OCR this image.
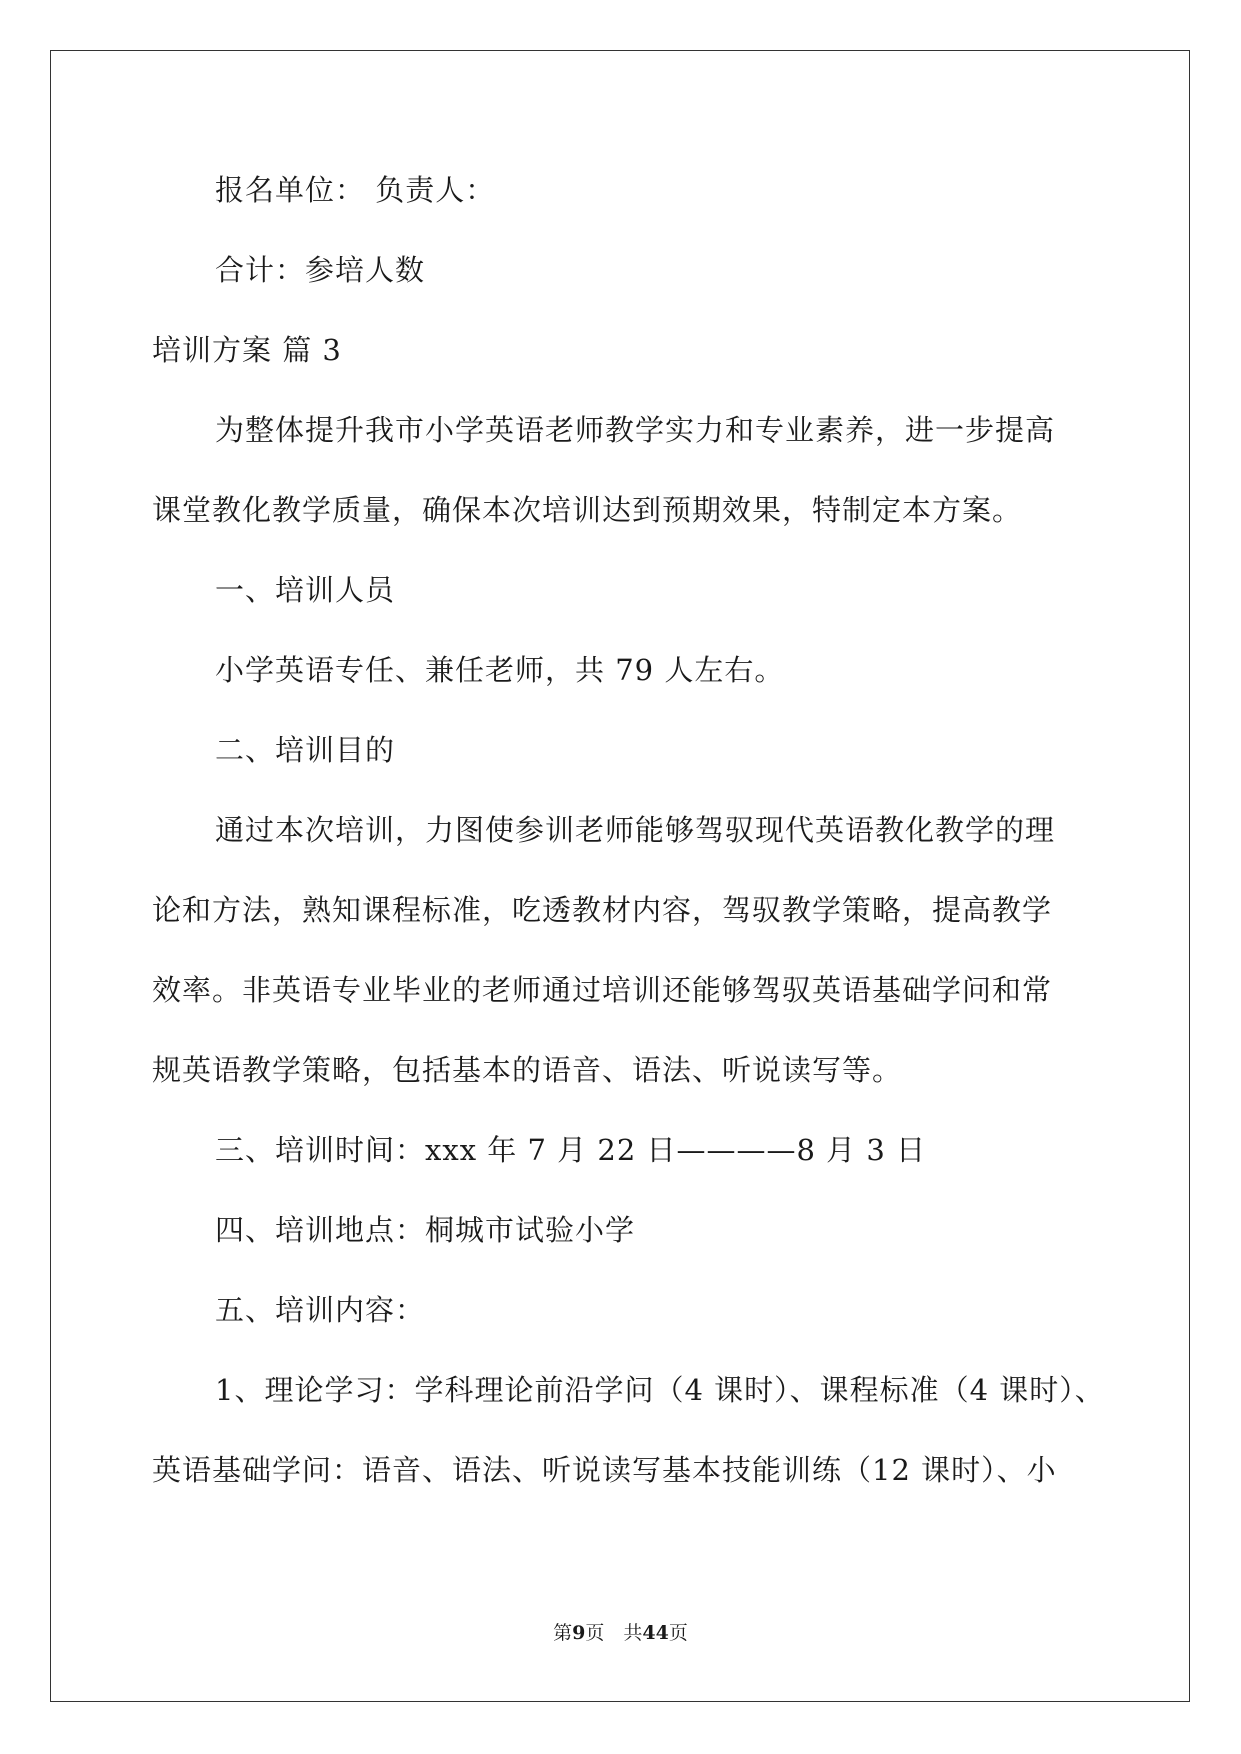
报名单位： 负责人：
合计：参培人数
培训方案 篇 3
为整体提升我市小学英语老师教学实力和专业素养，进一步提高
课堂教化教学质量，确保本次培训达到预期效果，特制定本方案。
一、培训人员
小学英语专任、兼任老师，共 79 人左右。
二、培训目的
通过本次培训，力图使参训老师能够驾驭现代英语教化教学的理
论和方法，熟知课程标准，吃透教材内容，驾驭教学策略，提高教学
效率。非英语专业毕业的老师通过培训还能够驾驭英语基础学问和常
规英语教学策略，包括基本的语音、语法、听说读写等。
三、培训时间：xxx 年 7 月 22 日————8 月 3 日
四、培训地点：桐城市试验小学
五、培训内容：
1、理论学习：学科理论前沿学问（4 课时）、课程标准（4 课时）、
英语基础学问：语音、语法、听说读写基本技能训练（12 课时）、小
第9页　共44页
